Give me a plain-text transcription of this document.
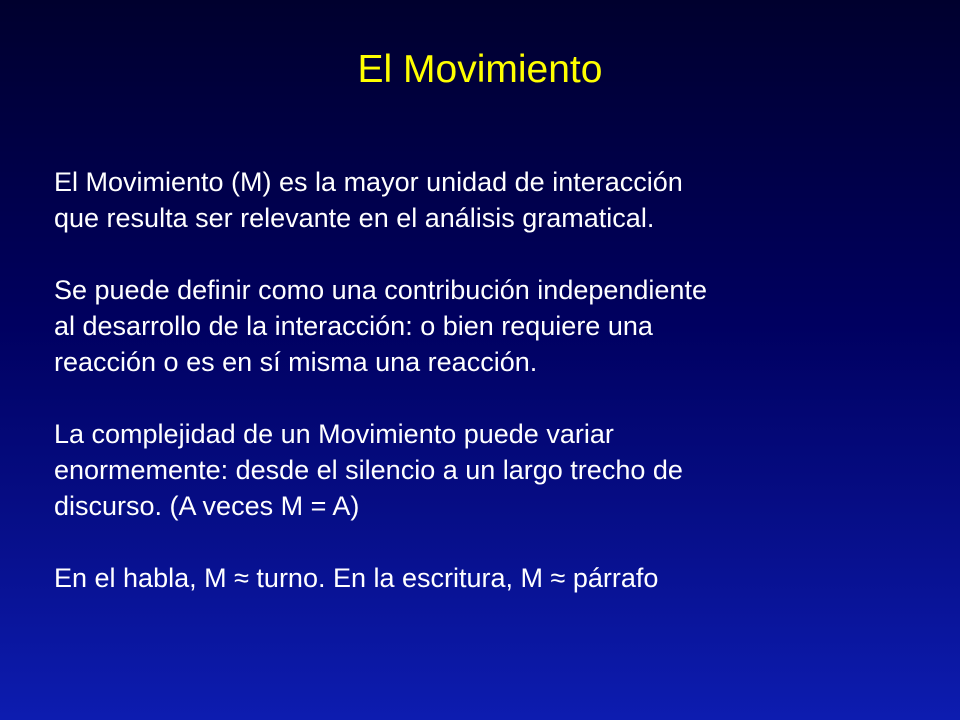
El Movimiento

El Movimiento (M) es la mayor unidad de interacción
que resulta ser relevante en el análisis gramatical.

Se puede definir como una contribución independiente
al desarrollo de la interacción: o bien requiere una
reacción o es en sí misma una reacción.

La complejidad de un Movimiento puede variar
enormemente: desde el silencio a un largo trecho de
discurso. (A veces M = A)

En el habla, M ≈ turno. En la escritura, M ≈ párrafo
